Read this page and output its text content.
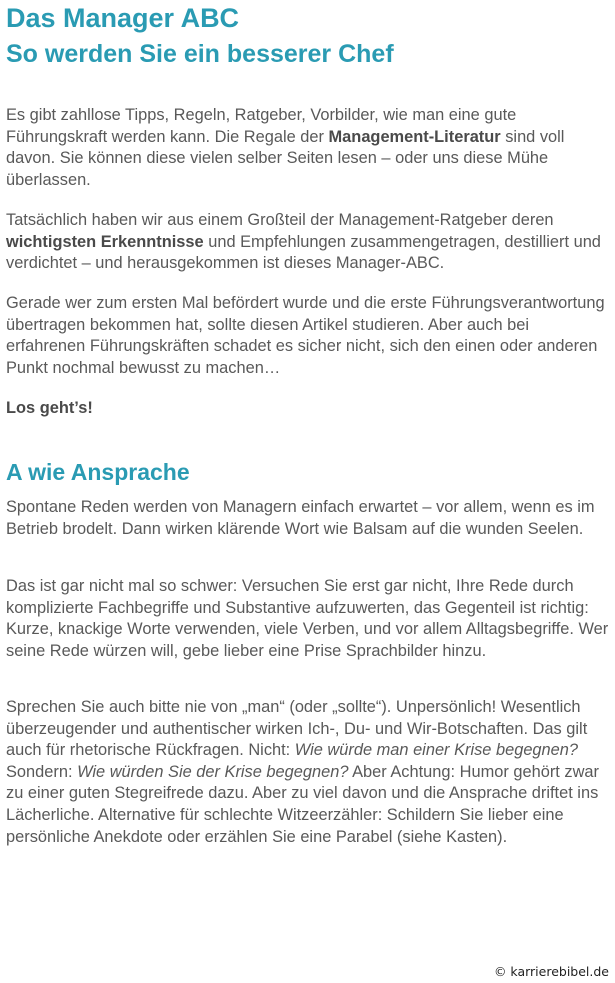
Das Manager ABC
So werden Sie ein besserer Chef

Es gibt zahllose Tipps, Regeln, Ratgeber, Vorbilder, wie man eine gute Führungskraft werden kann. Die Regale der Management-Literatur sind voll davon. Sie können diese vielen selber Seiten lesen – oder uns diese Mühe überlassen.

Tatsächlich haben wir aus einem Großteil der Management-Ratgeber deren wichtigsten Erkenntnisse und Empfehlungen zusammengetragen, destilliert und verdichtet – und herausgekommen ist dieses Manager-ABC.

Gerade wer zum ersten Mal befördert wurde und die erste Führungsverantwortung übertragen bekommen hat, sollte diesen Artikel studieren. Aber auch bei erfahrenen Führungskräften schadet es sicher nicht, sich den einen oder anderen Punkt nochmal bewusst zu machen…

Los geht’s!

A wie Ansprache

Spontane Reden werden von Managern einfach erwartet – vor allem, wenn es im Betrieb brodelt. Dann wirken klärende Wort wie Balsam auf die wunden Seelen.

Das ist gar nicht mal so schwer: Versuchen Sie erst gar nicht, Ihre Rede durch komplizierte Fachbegriffe und Substantive aufzuwerten, das Gegenteil ist richtig: Kurze, knackige Worte verwenden, viele Verben, und vor allem Alltagsbegriffe. Wer seine Rede würzen will, gebe lieber eine Prise Sprachbilder hinzu.

Sprechen Sie auch bitte nie von „man“ (oder „sollte“). Unpersönlich! Wesentlich überzeugender und authentischer wirken Ich-, Du- und Wir-Botschaften. Das gilt auch für rhetorische Rückfragen. Nicht: Wie würde man einer Krise begegnen? Sondern: Wie würden Sie der Krise begegnen? Aber Achtung: Humor gehört zwar zu einer guten Stegreifrede dazu. Aber zu viel davon und die Ansprache driftet ins Lächerliche. Alternative für schlechte Witzeerzähler: Schildern Sie lieber eine persönliche Anekdote oder erzählen Sie eine Parabel (siehe Kasten).

© karrierebibel.de
